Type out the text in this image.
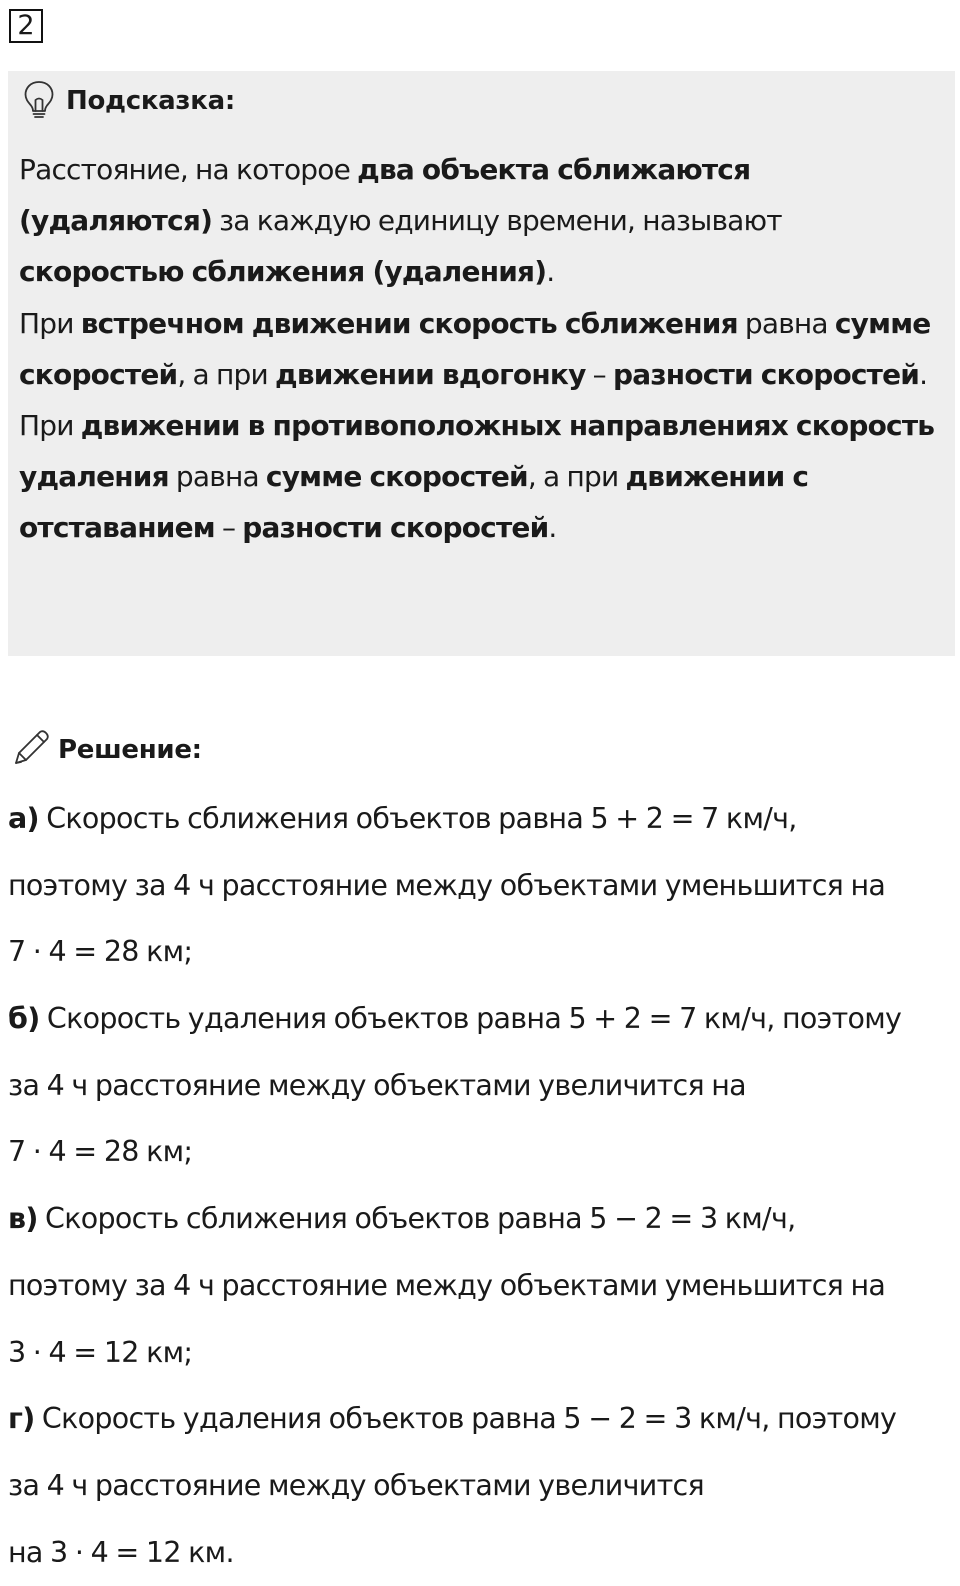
2
Подсказка:

Расстояние, на которое два объекта сближаются (удаляются) за каждую единицу времени, называют скоростью сближения (удаления).

При встречном движении скорость сближения равна сумме скоростей, а при движении вдогонку – разности скоростей.

При движении в противоположных направлениях скорость удаления равна сумме скоростей, а при движении с отставанием – разности скоростей.

Решение:
а) Скорость сближения объектов равна 5 + 2 = 7 км/ч,
поэтому за 4 ч расстояние между объектами уменьшится на
7 · 4 = 28 км;
б) Скорость удаления объектов равна 5 + 2 = 7 км/ч, поэтому
за 4 ч расстояние между объектами увеличится на
7 · 4 = 28 км;
в) Скорость сближения объектов равна 5 − 2 = 3 км/ч,
поэтому за 4 ч расстояние между объектами уменьшится на
3 · 4 = 12 км;
г) Скорость удаления объектов равна 5 − 2 = 3 км/ч, поэтому
за 4 ч расстояние между объектами увеличится
на 3 · 4 = 12 км.
